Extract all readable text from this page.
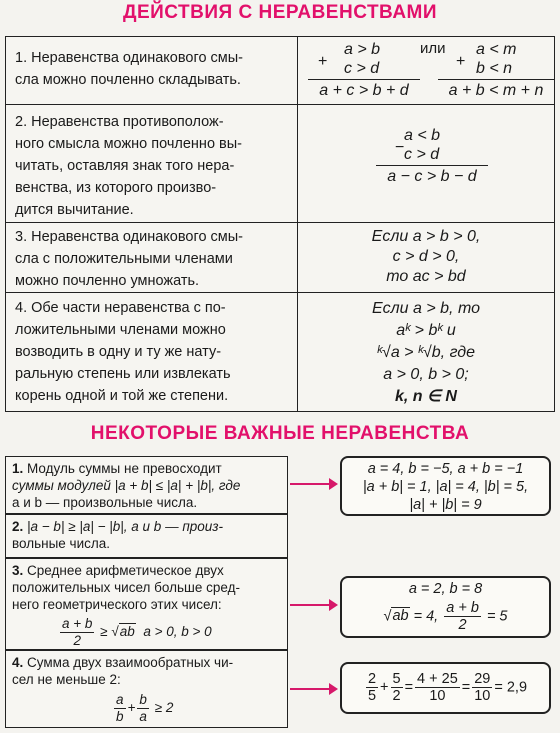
ДЕЙСТВИЯ С НЕРАВЕНСТВАМИ
1. Неравенства одинакового смы-
сла можно почленно складывать.
+
a > b
c > d
a + c > b + d
или
+
a < m
b < n
a + b < m + n
2. Неравенства противополож-
ного смысла можно почленно вы-
читать, оставляя знак того нера-
венства, из которого произво-
дится вычитание.
−
a < b
c > d
a − c > b − d
3. Неравенства одинакового смы-
сла с положительными членами
можно почленно умножать.
Если a > b > 0,
c > d > 0,
то ac > bd
4. Обе части неравенства с по-
ложительными членами можно
возводить в одну и ту же нату-
ральную степень или извлекать
корень одной и той же степени.
Если a > b, то
aᵏ > bᵏ и
ᵏ√a > ᵏ√b, где
a > 0, b > 0;
k, n ∈ N
НЕКОТОРЫЕ ВАЖНЫЕ НЕРАВЕНСТВА
1. Модуль суммы не превосходит
суммы модулей |a + b| ≤ |a| + |b|, где
a и b — произвольные числа.
a = 4, b = −5, a + b = −1
|a + b| = 1, |a| = 4, |b| = 5,
|a| + |b| = 9
2. |a − b| ≥ |a| − |b|, a и b — произ-
вольные числа.
3. Среднее арифметическое двух
положительных чисел больше сред-
него геометрического этих чисел:
$\frac{a + b}{2} \ge √ab$ a > 0, b > 0
a = 2, b = 8
√ab = 4, $\frac{a + b}{2} = 5$
4. Сумма двух взаимообратных чи-
сел не меньше 2:
$\frac{a}{b} + \frac{b}{a} \ge 2$
$\frac{2}{5} + \frac{5}{2} = \frac{4 + 25}{10} = \frac{29}{10} = 2,9$
